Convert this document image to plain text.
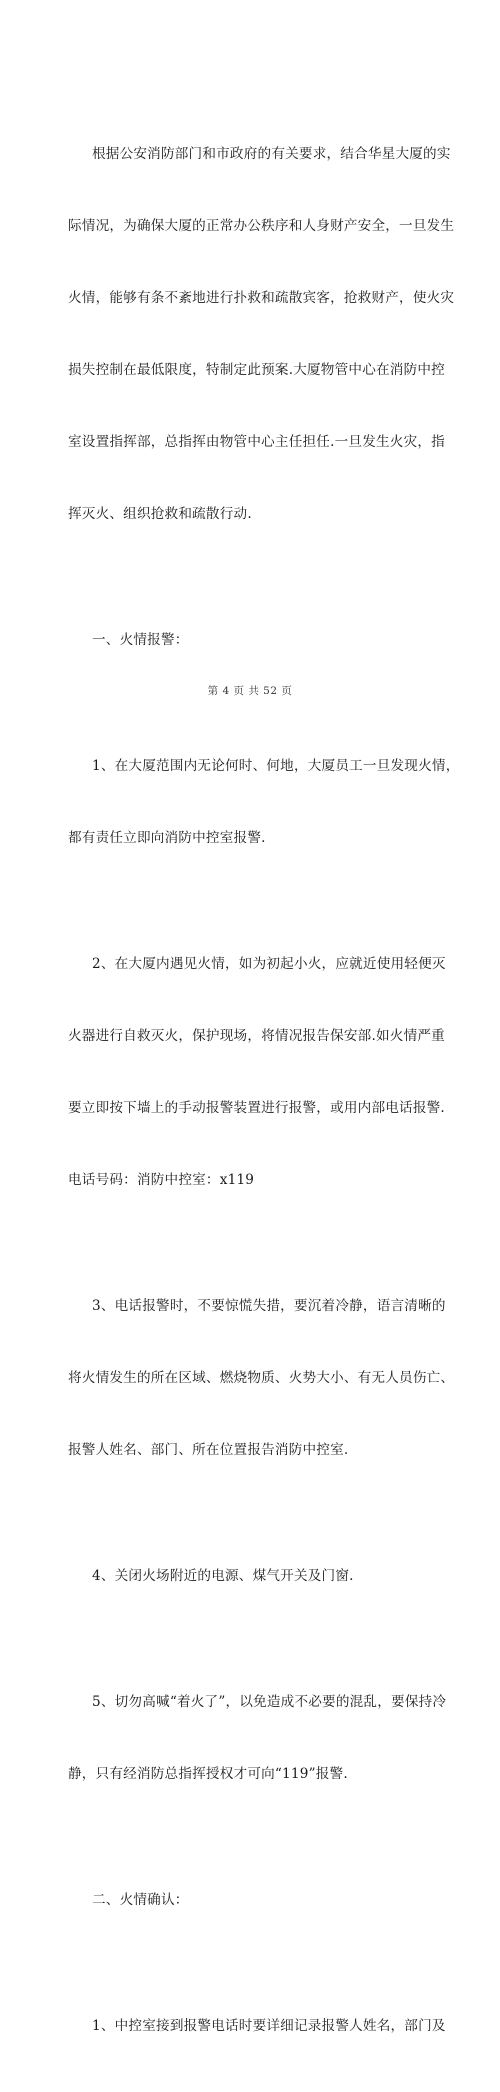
根据公安消防部门和市政府的有关要求，结合华星大厦的实

际情况，为确保大厦的正常办公秩序和人身财产安全，一旦发生

火情，能够有条不紊地进行扑救和疏散宾客，抢救财产，使火灾

损失控制在最低限度，特制定此预案.大厦物管中心在消防中控

室设置指挥部，总指挥由物管中心主任担任.一旦发生火灾，指

挥灭火、组织抢救和疏散行动.

一、火情报警：

1、在大厦范围内无论何时、何地，大厦员工一旦发现火情，

都有责任立即向消防中控室报警.

2、在大厦内遇见火情，如为初起小火，应就近使用轻便灭

火器进行自救灭火，保护现场，将情况报告保安部.如火情严重

要立即按下墙上的手动报警装置进行报警，或用内部电话报警.

电话号码：消防中控室：x119

3、电话报警时，不要惊慌失措，要沉着冷静，语言清晰的

将火情发生的所在区域、燃烧物质、火势大小、有无人员伤亡、

报警人姓名、部门、所在位置报告消防中控室.

4、关闭火场附近的电源、煤气开关及门窗.

5、切勿高喊“着火了”，以免造成不必要的混乱，要保持冷

静，只有经消防总指挥授权才可向“119”报警.

二、火情确认：

1、中控室接到报警电话时要详细记录报警人姓名，部门及

第 4 页 共 52 页
